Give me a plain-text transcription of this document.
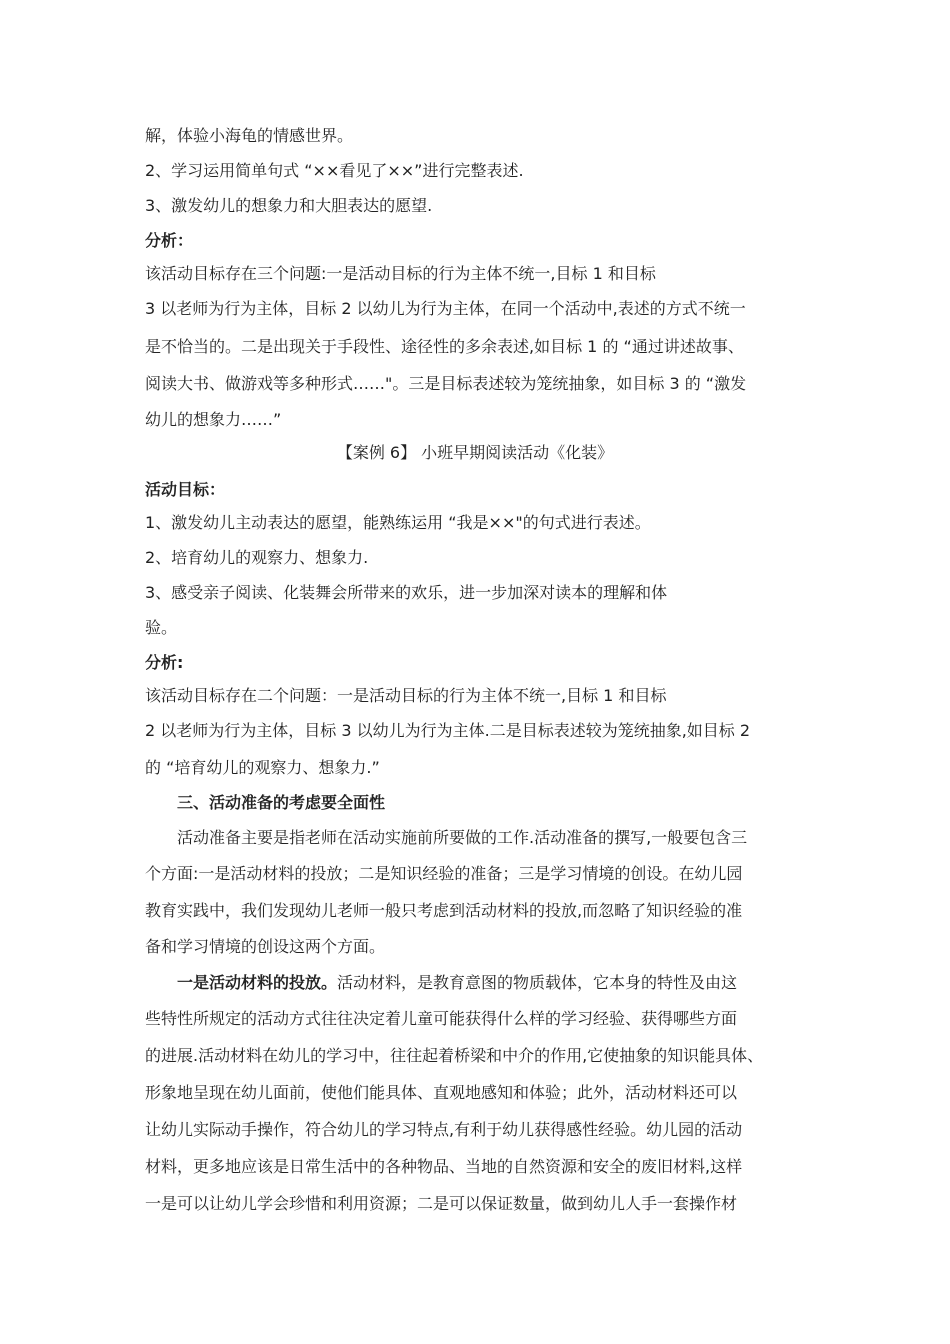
解，体验小海龟的情感世界。
2、学习运用简单句式 “××看见了××”进行完整表述.
3、激发幼儿的想象力和大胆表达的愿望.
分析：
该活动目标存在三个问题:一是活动目标的行为主体不统一,目标 1 和目标
3 以老师为行为主体，目标 2 以幼儿为行为主体，在同一个活动中,表述的方式不统一
是不恰当的。二是出现关于手段性、途径性的多余表述,如目标 1 的 “通过讲述故事、
阅读大书、做游戏等多种形式……"。三是目标表述较为笼统抽象，如目标 3 的 “激发
幼儿的想象力……”
【案例 6】 小班早期阅读活动《化装》
活动目标：
1、激发幼儿主动表达的愿望，能熟练运用 “我是××"的句式进行表述。
2、培育幼儿的观察力、想象力.
3、感受亲子阅读、化装舞会所带来的欢乐，进一步加深对读本的理解和体
验。
分析:
该活动目标存在二个问题：一是活动目标的行为主体不统一,目标 1 和目标
2 以老师为行为主体，目标 3 以幼儿为行为主体.二是目标表述较为笼统抽象,如目标 2
的 “培育幼儿的观察力、想象力.”
三、活动准备的考虑要全面性
活动准备主要是指老师在活动实施前所要做的工作.活动准备的撰写,一般要包含三
个方面:一是活动材料的投放；二是知识经验的准备；三是学习情境的创设。在幼儿园
教育实践中，我们发现幼儿老师一般只考虑到活动材料的投放,而忽略了知识经验的准
备和学习情境的创设这两个方面。
一是活动材料的投放。活动材料，是教育意图的物质载体，它本身的特性及由这
些特性所规定的活动方式往往决定着儿童可能获得什么样的学习经验、获得哪些方面
的进展.活动材料在幼儿的学习中，往往起着桥梁和中介的作用,它使抽象的知识能具体、
形象地呈现在幼儿面前，使他们能具体、直观地感知和体验；此外，活动材料还可以
让幼儿实际动手操作，符合幼儿的学习特点,有利于幼儿获得感性经验。幼儿园的活动
材料，更多地应该是日常生活中的各种物品、当地的自然资源和安全的废旧材料,这样
一是可以让幼儿学会珍惜和利用资源；二是可以保证数量，做到幼儿人手一套操作材
